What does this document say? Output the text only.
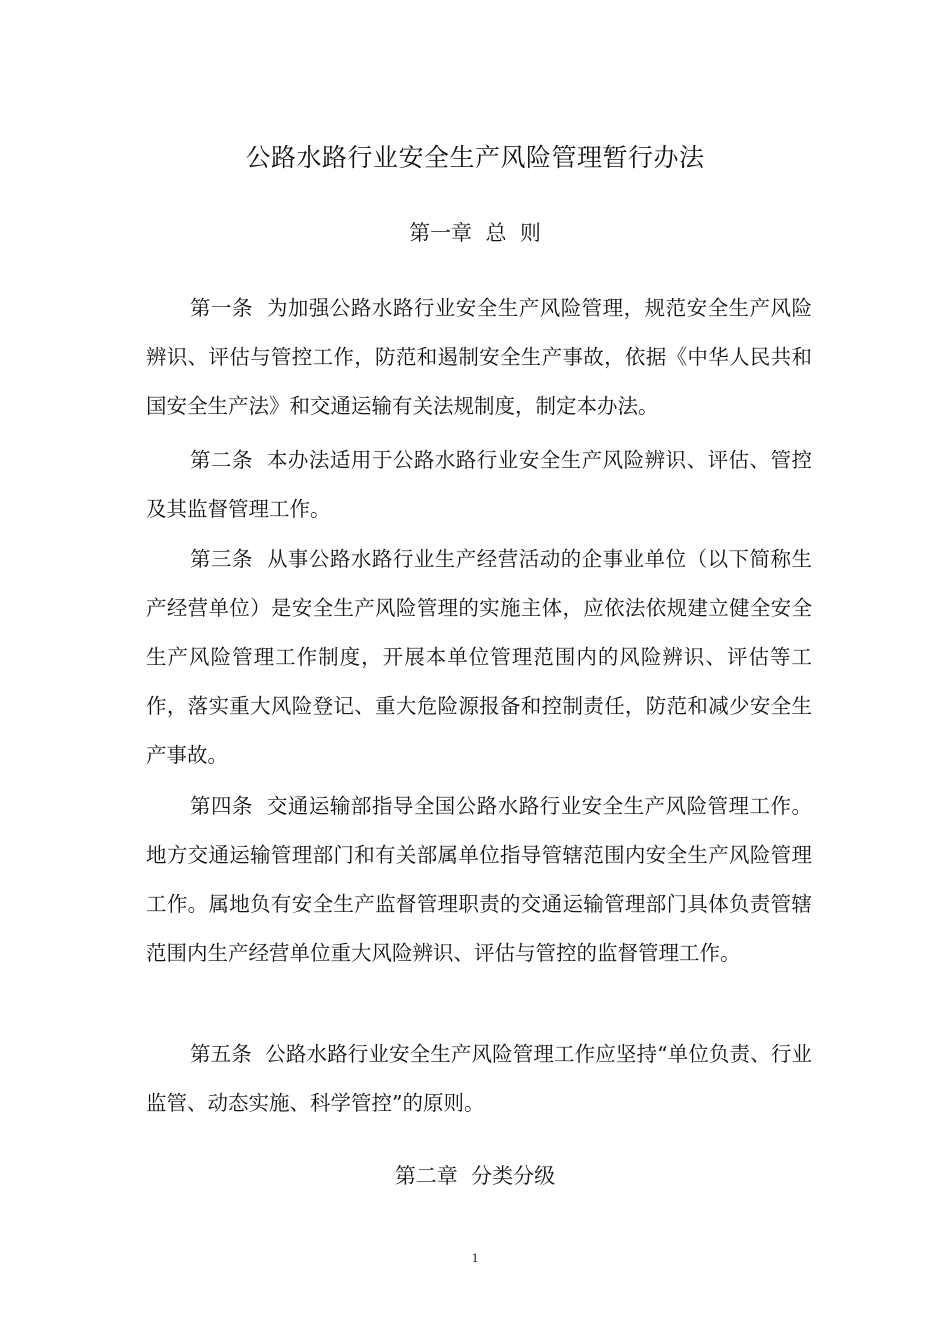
公路水路行业安全生产风险管理暂行办法
第一章  总  则

第一条 为加强公路水路行业安全生产风险管理，规范安全生产风险辨识、评估与管控工作，防范和遏制安全生产事故，依据《中华人民共和国安全生产法》和交通运输有关法规制度，制定本办法。

第二条 本办法适用于公路水路行业安全生产风险辨识、评估、管控及其监督管理工作。

第三条 从事公路水路行业生产经营活动的企事业单位（以下简称生产经营单位）是安全生产风险管理的实施主体，应依法依规建立健全安全生产风险管理工作制度，开展本单位管理范围内的风险辨识、评估等工作，落实重大风险登记、重大危险源报备和控制责任，防范和减少安全生产事故。

第四条 交通运输部指导全国公路水路行业安全生产风险管理工作。地方交通运输管理部门和有关部属单位指导管辖范围内安全生产风险管理工作。属地负有安全生产监督管理职责的交通运输管理部门具体负责管辖范围内生产经营单位重大风险辨识、评估与管控的监督管理工作。

第五条 公路水路行业安全生产风险管理工作应坚持“单位负责、行业监管、动态实施、科学管控”的原则。

第二章  分类分级
1
